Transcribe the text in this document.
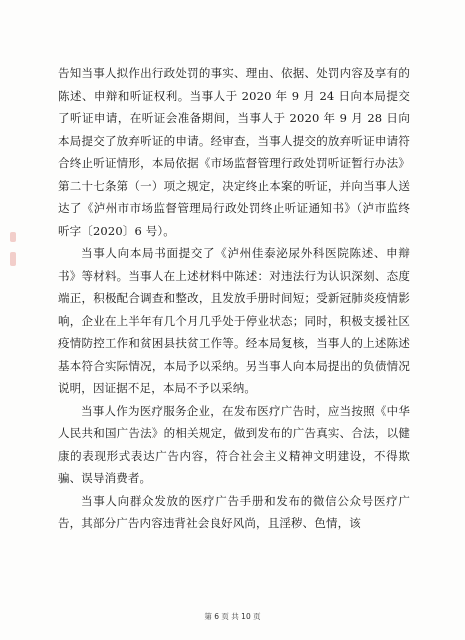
告知当事人拟作出行政处罚的事实、理由、依据、处罚内容及享有的陈述、申辩和听证权利。当事人于 2020 年 9 月 24 日向本局提交了听证申请，在听证会准备期间，当事人于 2020 年 9 月 28 日向本局提交了放弃听证的申请。经审查，当事人提交的放弃听证申请符合终止听证情形，本局依据《市场监督管理行政处罚听证暂行办法》第二十七条第（一）项之规定，决定终止本案的听证，并向当事人送达了《泸州市市场监督管理局行政处罚终止听证通知书》（泸市监终听字〔2020〕6 号）。

当事人向本局书面提交了《泸州佳泰泌尿外科医院陈述、申辩书》等材料。当事人在上述材料中陈述：对违法行为认识深刻、态度端正，积极配合调查和整改，且发放手册时间短；受新冠肺炎疫情影响，企业在上半年有几个月几乎处于停业状态；同时，积极支援社区疫情防控工作和贫困县扶贫工作等。经本局复核，当事人的上述陈述基本符合实际情况，本局予以采纳。另当事人向本局提出的负债情况说明，因证据不足，本局不予以采纳。

当事人作为医疗服务企业，在发布医疗广告时，应当按照《中华人民共和国广告法》的相关规定，做到发布的广告真实、合法，以健康的表现形式表达广告内容，符合社会主义精神文明建设，不得欺骗、误导消费者。

当事人向群众发放的医疗广告手册和发布的微信公众号医疗广告，其部分广告内容违背社会良好风尚，且淫秽、色情，该

第 6 页 共 10 页
